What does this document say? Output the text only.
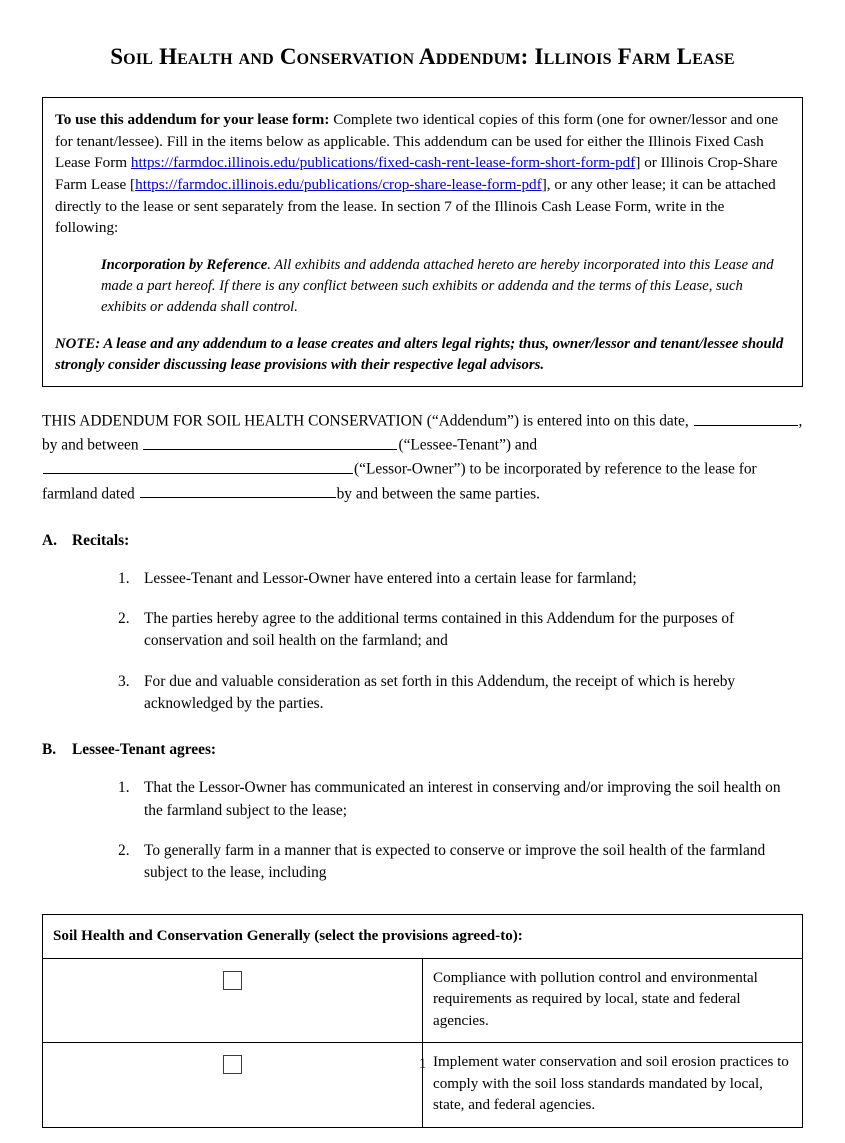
Soil Health and Conservation Addendum: Illinois Farm Lease

To use this addendum for your lease form: Complete two identical copies of this form (one for owner/lessor and one for tenant/lessee). Fill in the items below as applicable. This addendum can be used for either the Illinois Fixed Cash Lease Form https://farmdoc.illinois.edu/publications/fixed-cash-rent-lease-form-short-form-pdf] or Illinois Crop-Share Farm Lease [https://farmdoc.illinois.edu/publications/crop-share-lease-form-pdf], or any other lease; it can be attached directly to the lease or sent separately from the lease. In section 7 of the Illinois Cash Lease Form, write in the following:

Incorporation by Reference. All exhibits and addenda attached hereto are hereby incorporated into this Lease and made a part hereof. If there is any conflict between such exhibits or addenda and the terms of this Lease, such exhibits or addenda shall control.

NOTE: A lease and any addendum to a lease creates and alters legal rights; thus, owner/lessor and tenant/lessee should strongly consider discussing lease provisions with their respective legal advisors.

THIS ADDENDUM FOR SOIL HEALTH CONSERVATION (“Addendum”) is entered into on this date,	, by and between	(“Lessee-Tenant”) and (“Lessor-Owner”) to be incorporated by reference to the lease for farmland dated	by and between the same parties.

A. Recitals:
1. Lessee-Tenant and Lessor-Owner have entered into a certain lease for farmland;
2. The parties hereby agree to the additional terms contained in this Addendum for the purposes of conservation and soil health on the farmland; and
3. For due and valuable consideration as set forth in this Addendum, the receipt of which is hereby acknowledged by the parties.
B. Lessee-Tenant agrees:
1. That the Lessor-Owner has communicated an interest in conserving and/or improving the soil health on the farmland subject to the lease;
2. To generally farm in a manner that is expected to conserve or improve the soil health of the farmland subject to the lease, including
Soil Health and Conservation Generally (select the provisions agreed-to):	
	Compliance with pollution control and environmental requirements as required by local, state and federal agencies.
	Implement water conservation and soil erosion practices to comply with the soil loss standards mandated by local, state, and federal agencies.
1
